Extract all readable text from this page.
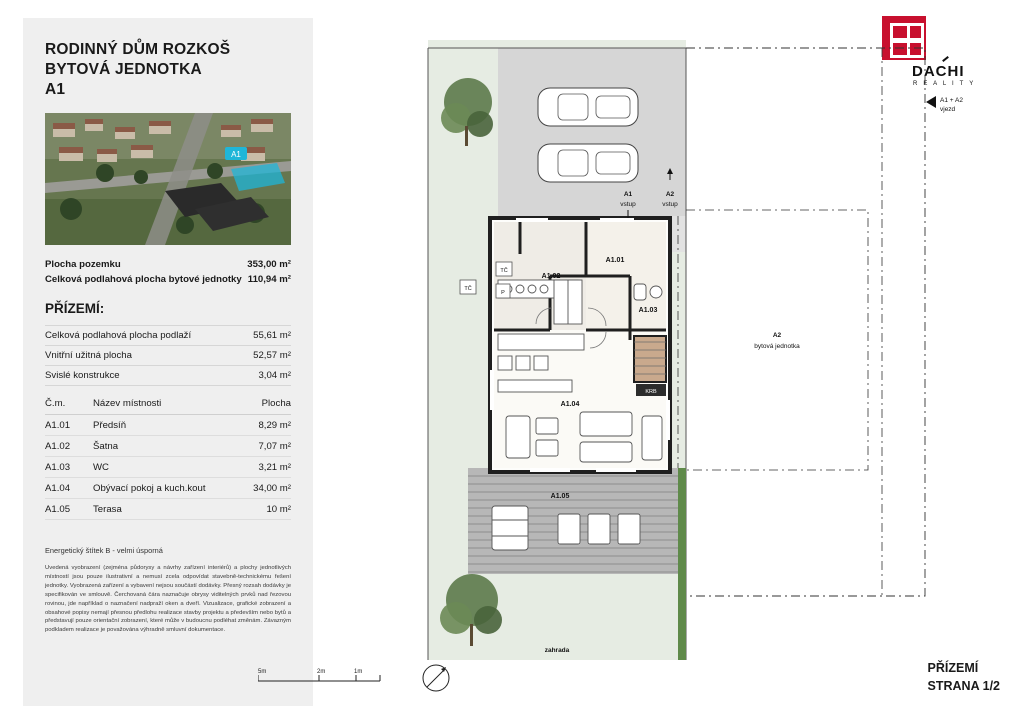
RODINNÝ DŮM ROZKOŠ
BYTOVÁ JEDNOTKA
A1
A1
Plocha pozemku	353,00 m²
Celková podlahová plocha bytové jednotky 110,94 m²
PŘÍZEMÍ:
Celková podlahová plocha podlaží	55,61 m²
Vnitřní užitná plocha	52,57 m²
Svislé konstrukce	3,04 m²
Č.m.	Název místnosti	Plocha
A1.01	Předsíň	8,29 m²
A1.02	Šatna	7,07 m²
A1.03	WC	3,21 m²
A1.04	Obývací pokoj a kuch.kout	34,00 m²
A1.05	Terasa	10 m²
Energetický štítek B - velmi úsporná
Uvedená vyobrazení (zejména půdorysy a návrhy zařízení interiérů) a plochy jednotlivých místností jsou pouze ilustrativní a nemusí zcela odpovídat stavebně-technickému řešení jednotky. Vyobrazená zařízení a vybavení nejsou součástí dodávky. Přesný rozsah dodávky je specifikován ve smlouvě. Čerchovaná čára naznačuje obrysy viditelných prvků nad řezovou rovinou, jde například o naznačení nadpraží oken a dveří. Vizualizace, grafické zobrazení a obsahové popisy nemají přesnou předlohu realizace stavby projektu a především nebo bytů a představují pouze orientační zobrazení, které může v budoucnu podléhat změnám. Závazným podkladem realizace je považována výhradně smluvní dokumentace.
DACHI
REALITY
DACHI
R E A L I T Y
KRB
TČ
TČ
P
A1.01
A1.02
A1.03
A1.04
A1.05
A1
vstup
A2
vstup
A1 + A2
vjezd
A2
bytová jednotka
zahrada
5m	2m	1m	PŘÍZEMÍ
STRANA 1/2
